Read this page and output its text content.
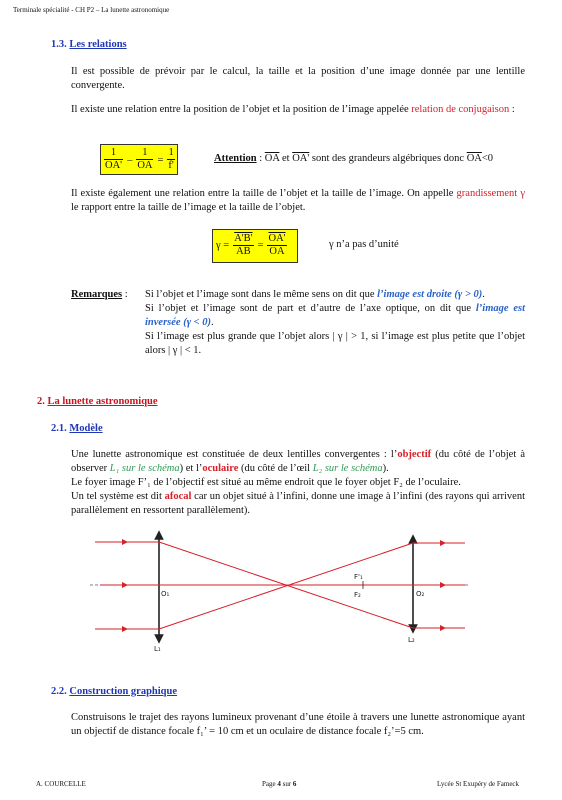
Terminale spécialité - CH P2 – La lunette astronomique
1.3. Les relations
Il est possible de prévoir par le calcul, la taille et la position d’une image donnée par une lentille convergente.
Il existe une relation entre la position de l’objet et la position de l’image appelée relation de conjugaison :
$\frac{1}{OA'} - \frac{1}{OA} = \frac{1}{f'}$	Attention : $\overline{OA}$ et OA' sont des grandeurs algébriques donc $\overline{OA}<0$
Il existe également une relation entre la taille de l’objet et la taille de l’image. On appelle grandissement γ le rapport entre la taille de l’image et la taille de l’objet.
$\gamma = \frac{A'B'}{AB} = \frac{OA'}{OA}$	γ n’a pas d’unité
Remarques : Si l’objet et l’image sont dans le même sens on dit que l’image est droite (γ > 0).
Si l’objet et l’image sont de part et d’autre de l’axe optique, on dit que l’image est inversée (γ < 0).
Si l’image est plus grande que l’objet alors | γ | > 1, si l’image est plus petite que l’objet alors | γ | < 1.
2. La lunette astronomique
2.1. Modèle
Une lunette astronomique est constituée de deux lentilles convergentes : l’objectif (du côté de l’objet à observer L₁ sur le schéma) et l’oculaire (du côté de l’œil L₂ sur le schéma).
Le foyer image F’₁ de l’objectif est situé au même endroit que le foyer objet F₂ de l’oculaire.
Un tel système est dit afocal car un objet situé à l’infini, donne une image à l’infini (des rayons qui arrivent parallèlement en ressortent parallèlement).
O₁
L₁
F'₁
F₂	O₂
L₂
2.2. Construction graphique
Construisons le trajet des rayons lumineux provenant d’une étoile à travers une lunette astronomique ayant un objectif de distance focale f₁’ = 10 cm et un oculaire de distance focale f₂’=5 cm.
A. COURCELLE	Page 4 sur 6	Lycée St Exupéry de Fameck
